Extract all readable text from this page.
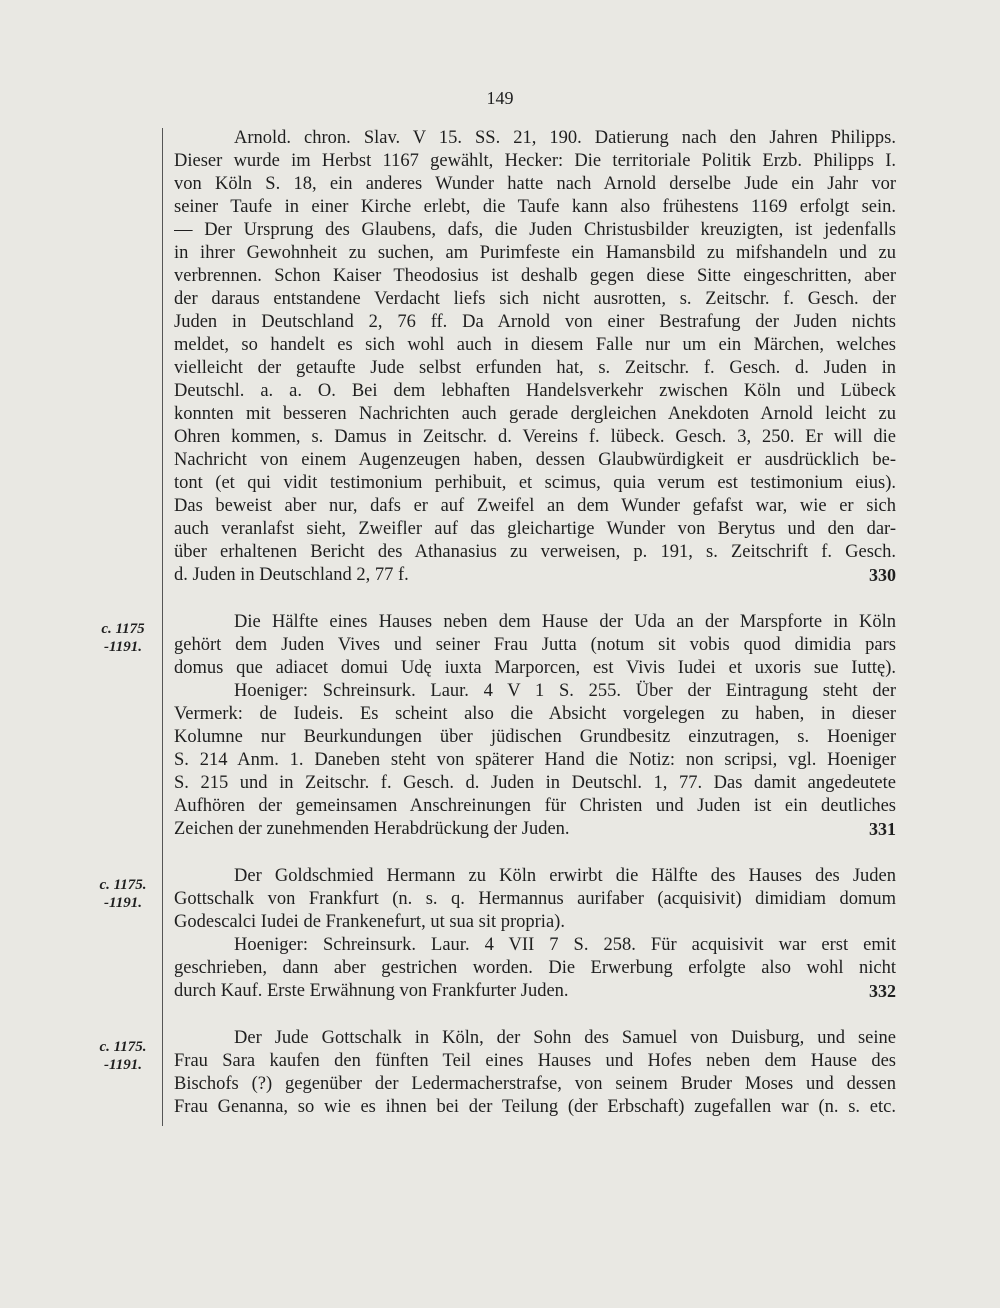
149
c. 1175
-1191.
c. 1175.
-1191.
c. 1175.
-1191.
Arnold. chron. Slav. V 15. SS. 21, 190. Datierung nach den Jahren Philipps.
Dieser wurde im Herbst 1167 gewählt, Hecker: Die territoriale Politik Erzb. Philipps I.
von Köln S. 18, ein anderes Wunder hatte nach Arnold derselbe Jude ein Jahr vor
seiner Taufe in einer Kirche erlebt, die Taufe kann also frühestens 1169 erfolgt sein.
— Der Ursprung des Glaubens, dafs, die Juden Christusbilder kreuzigten, ist jedenfalls
in ihrer Gewohnheit zu suchen, am Purimfeste ein Hamansbild zu mifshandeln und zu
verbrennen. Schon Kaiser Theodosius ist deshalb gegen diese Sitte eingeschritten, aber
der daraus entstandene Verdacht liefs sich nicht ausrotten, s. Zeitschr. f. Gesch. der
Juden in Deutschland 2, 76 ff. Da Arnold von einer Bestrafung der Juden nichts
meldet, so handelt es sich wohl auch in diesem Falle nur um ein Märchen, welches
vielleicht der getaufte Jude selbst erfunden hat, s. Zeitschr. f. Gesch. d. Juden in
Deutschl. a. a. O. Bei dem lebhaften Handelsverkehr zwischen Köln und Lübeck
konnten mit besseren Nachrichten auch gerade dergleichen Anekdoten Arnold leicht zu
Ohren kommen, s. Damus in Zeitschr. d. Vereins f. lübeck. Gesch. 3, 250. Er will die
Nachricht von einem Augenzeugen haben, dessen Glaubwürdigkeit er ausdrücklich be-
tont (et qui vidit testimonium perhibuit, et scimus, quia verum est testimonium eius).
Das beweist aber nur, dafs er auf Zweifel an dem Wunder gefafst war, wie er sich
auch veranlafst sieht, Zweifler auf das gleichartige Wunder von Berytus und den dar-
über erhaltenen Bericht des Athanasius zu verweisen, p. 191, s. Zeitschrift f. Gesch.
d. Juden in Deutschland 2, 77 f.	330
Die Hälfte eines Hauses neben dem Hause der Uda an der Marspforte in Köln
gehört dem Juden Vives und seiner Frau Jutta (notum sit vobis quod dimidia pars
domus que adiacet domui Udę iuxta Marporcen, est Vivis Iudei et uxoris sue Iuttę).
Hoeniger: Schreinsurk. Laur. 4 V 1 S. 255. Über der Eintragung steht der
Vermerk: de Iudeis. Es scheint also die Absicht vorgelegen zu haben, in dieser
Kolumne nur Beurkundungen über jüdischen Grundbesitz einzutragen, s. Hoeniger
S. 214 Anm. 1. Daneben steht von späterer Hand die Notiz: non scripsi, vgl. Hoeniger
S. 215 und in Zeitschr. f. Gesch. d. Juden in Deutschl. 1, 77. Das damit angedeutete
Aufhören der gemeinsamen Anschreinungen für Christen und Juden ist ein deutliches
Zeichen der zunehmenden Herabdrückung der Juden.	331
Der Goldschmied Hermann zu Köln erwirbt die Hälfte des Hauses des Juden
Gottschalk von Frankfurt (n. s. q. Hermannus aurifaber (acquisivit) dimidiam domum
Godescalci Iudei de Frankenefurt, ut sua sit propria).
Hoeniger: Schreinsurk. Laur. 4 VII 7 S. 258. Für acquisivit war erst emit
geschrieben, dann aber gestrichen worden. Die Erwerbung erfolgte also wohl nicht
durch Kauf. Erste Erwähnung von Frankfurter Juden.	332
Der Jude Gottschalk in Köln, der Sohn des Samuel von Duisburg, und seine
Frau Sara kaufen den fünften Teil eines Hauses und Hofes neben dem Hause des
Bischofs (?) gegenüber der Ledermacherstrafse, von seinem Bruder Moses und dessen
Frau Genanna, so wie es ihnen bei der Teilung (der Erbschaft) zugefallen war (n. s. etc.
